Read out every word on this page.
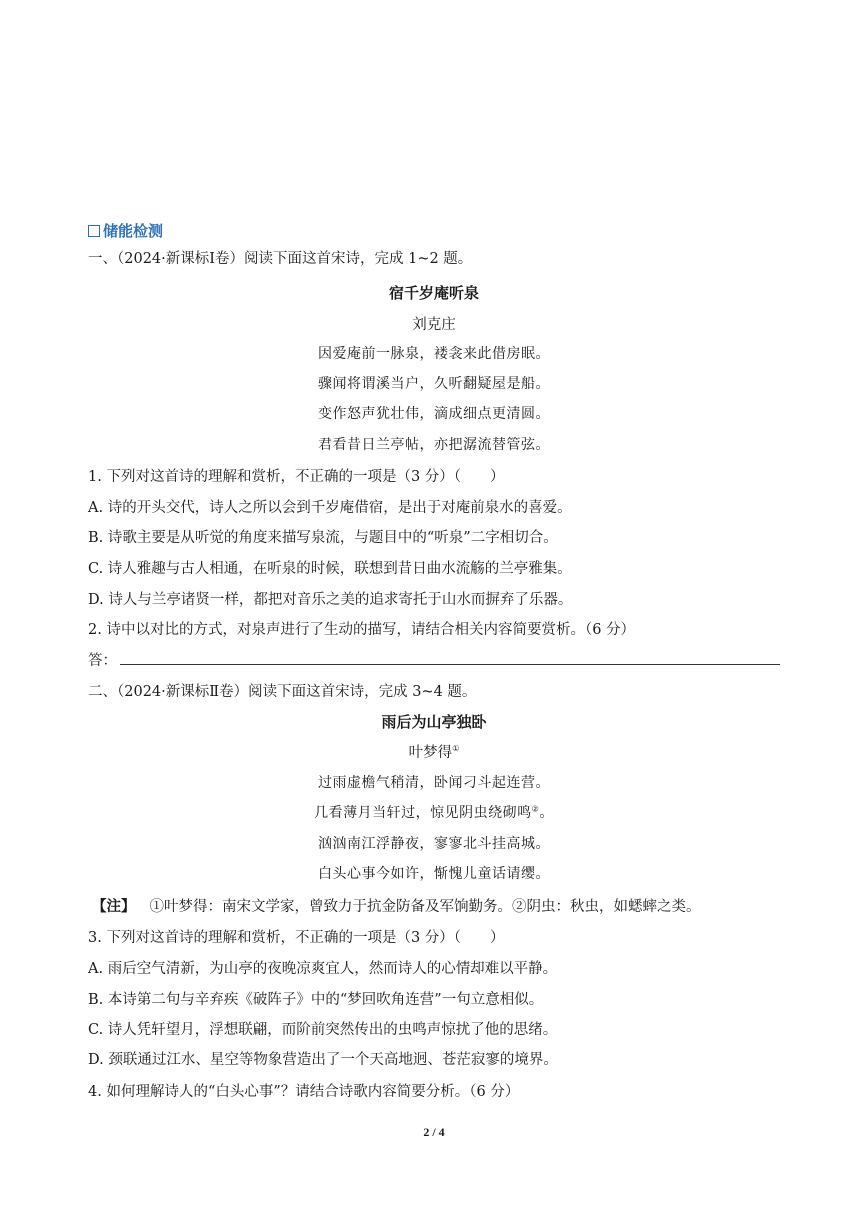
储能检测
一、（2024·新课标Ⅰ卷）阅读下面这首宋诗，完成 1~2 题。
宿千岁庵听泉
刘克庄
因爱庵前一脉泉，褛衾来此借房眠。
骤闻将谓溪当户，久听翻疑屋是船。
变作怒声犹壮伟，滴成细点更清圆。
君看昔日兰亭帖，亦把潺流替管弦。
1. 下列对这首诗的理解和赏析，不正确的一项是（3 分）（　　）
A. 诗的开头交代，诗人之所以会到千岁庵借宿，是出于对庵前泉水的喜爱。
B. 诗歌主要是从听觉的角度来描写泉流，与题目中的“听泉”二字相切合。
C. 诗人雅趣与古人相通，在听泉的时候，联想到昔日曲水流觞的兰亭雅集。
D. 诗人与兰亭诸贤一样，都把对音乐之美的追求寄托于山水而摒弃了乐器。
2. 诗中以对比的方式，对泉声进行了生动的描写，请结合相关内容简要赏析。（6 分）
答：
二、（2024·新课标Ⅱ卷）阅读下面这首宋诗，完成 3~4 题。
雨后为山亭独卧
叶梦得①
过雨虚檐气稍清，卧闻刁斗起连营。
几看薄月当轩过，惊见阴虫绕砌鸣②。
汹汹南江浮静夜，寥寥北斗挂高城。
白头心事今如许，惭愧儿童话请缨。
【注】 ①叶梦得：南宋文学家，曾致力于抗金防备及军饷勤务。②阴虫：秋虫，如蟋蟀之类。
3. 下列对这首诗的理解和赏析，不正确的一项是（3 分）（　　）
A. 雨后空气清新，为山亭的夜晚凉爽宜人，然而诗人的心情却难以平静。
B. 本诗第二句与辛弃疾《破阵子》中的“梦回吹角连营”一句立意相似。
C. 诗人凭轩望月，浮想联翩，而阶前突然传出的虫鸣声惊扰了他的思绪。
D. 颈联通过江水、星空等物象营造出了一个天高地迥、苍茫寂寥的境界。
4. 如何理解诗人的“白头心事”？请结合诗歌内容简要分析。（6 分）
2 / 4
